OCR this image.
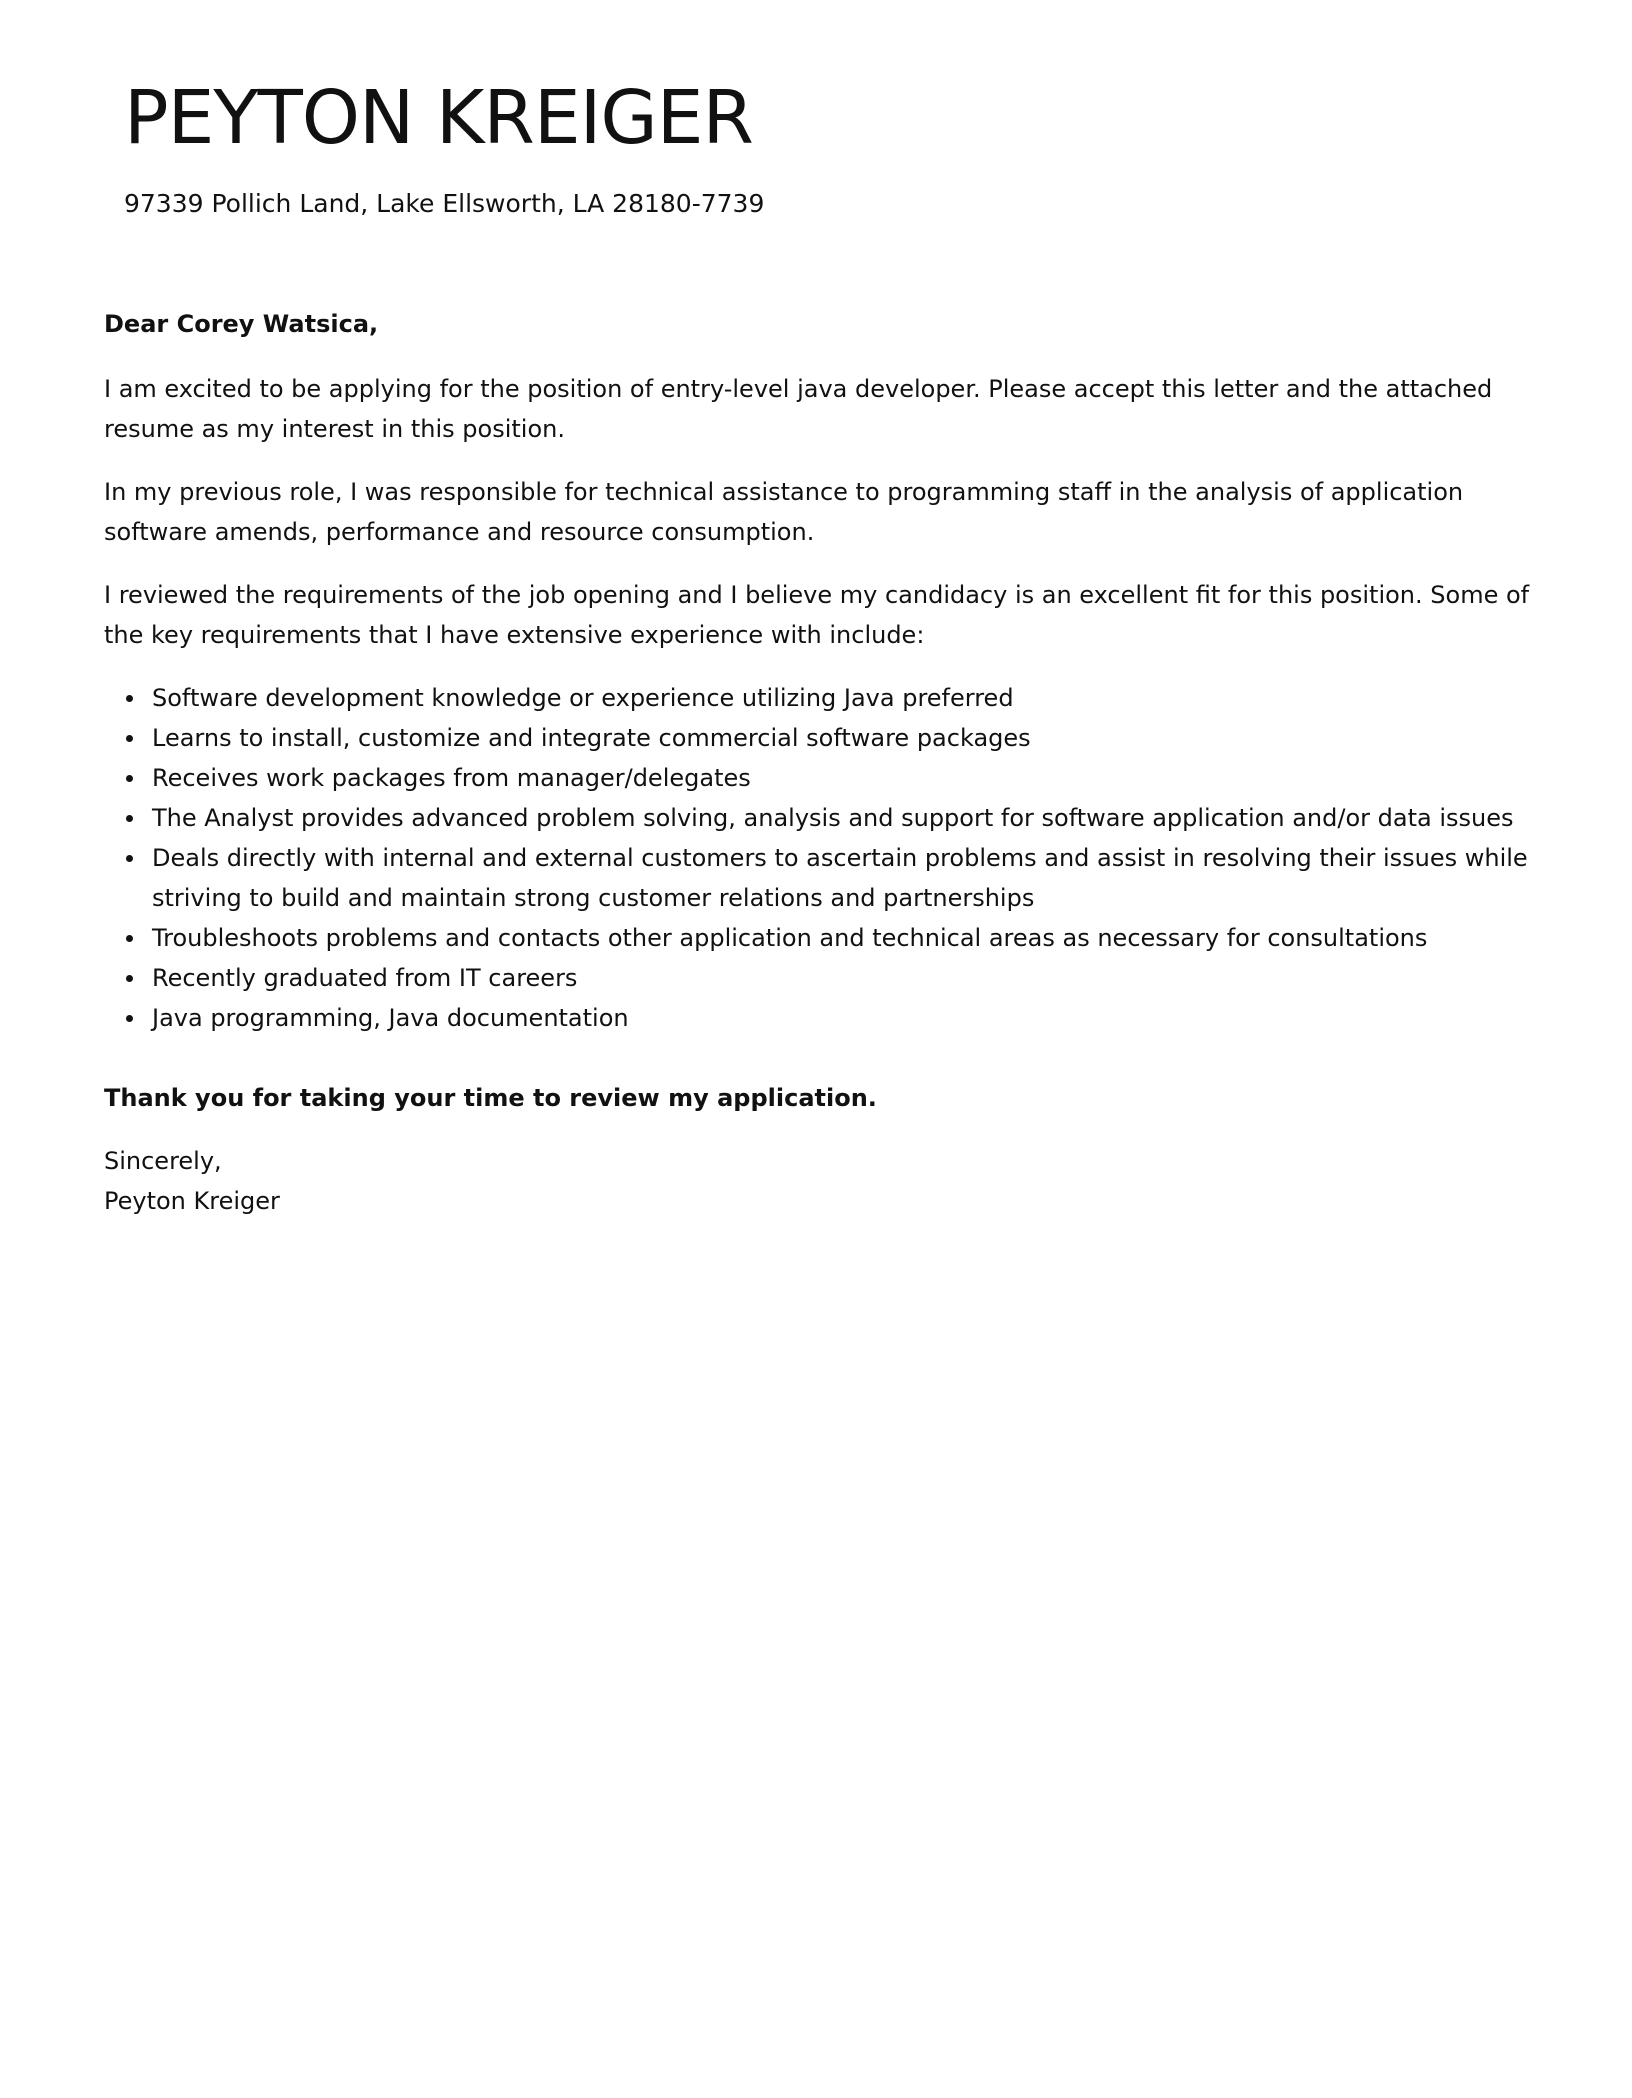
PEYTON KREIGER

97339 Pollich Land, Lake Ellsworth, LA 28180-7739

Dear Corey Watsica,

I am excited to be applying for the position of entry-level java developer. Please accept this letter and the attached resume as my interest in this position.

In my previous role, I was responsible for technical assistance to programming staff in the analysis of application software amends, performance and resource consumption.

I reviewed the requirements of the job opening and I believe my candidacy is an excellent fit for this position. Some of the key requirements that I have extensive experience with include:

Software development knowledge or experience utilizing Java preferred
Learns to install, customize and integrate commercial software packages
Receives work packages from manager/delegates
The Analyst provides advanced problem solving, analysis and support for software application and/or data issues
Deals directly with internal and external customers to ascertain problems and assist in resolving their issues while striving to build and maintain strong customer relations and partnerships
Troubleshoots problems and contacts other application and technical areas as necessary for consultations
Recently graduated from IT careers
Java programming, Java documentation

Thank you for taking your time to review my application.

Sincerely,

Peyton Kreiger
